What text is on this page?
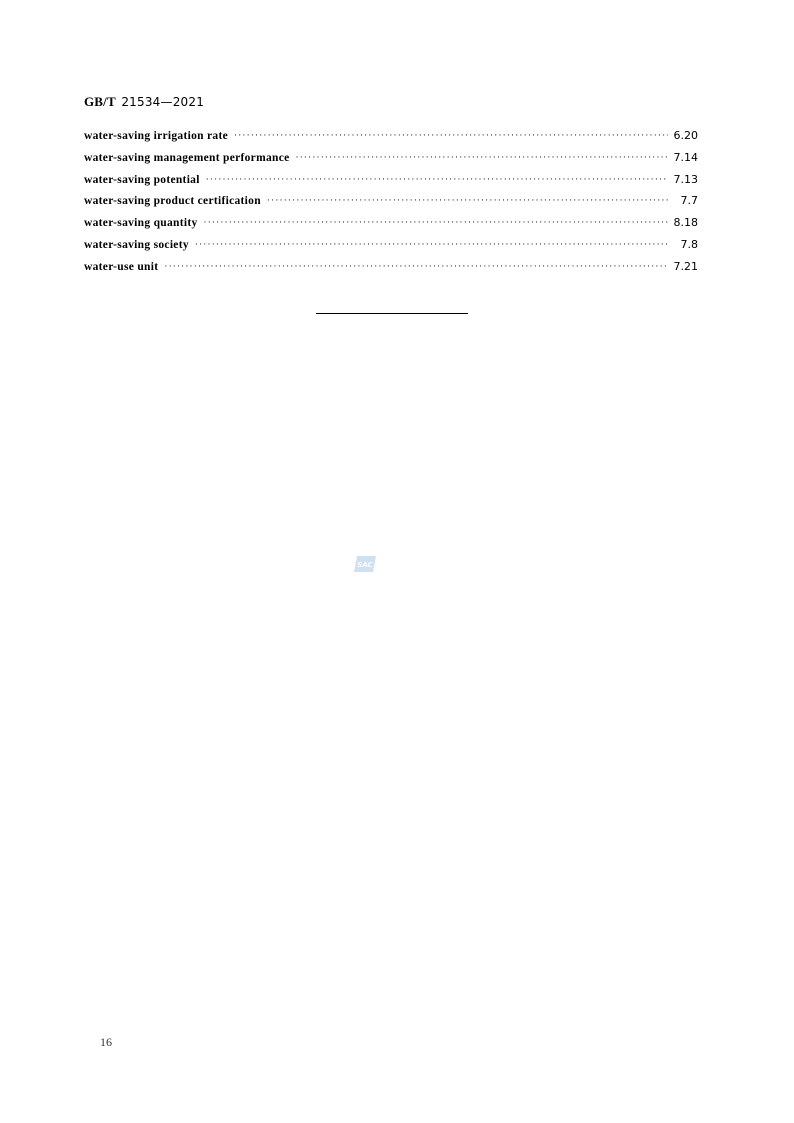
GB/T 21534—2021
water-saving irrigation rate ·····	6.20
water-saving management performance ·····	7.14
water-saving potential ·····	7.13
water-saving product certification ·····	7.7
water-saving quantity ·····	8.18
water-saving society ·····	7.8
water-use unit ·····	7.21
SAC
16
